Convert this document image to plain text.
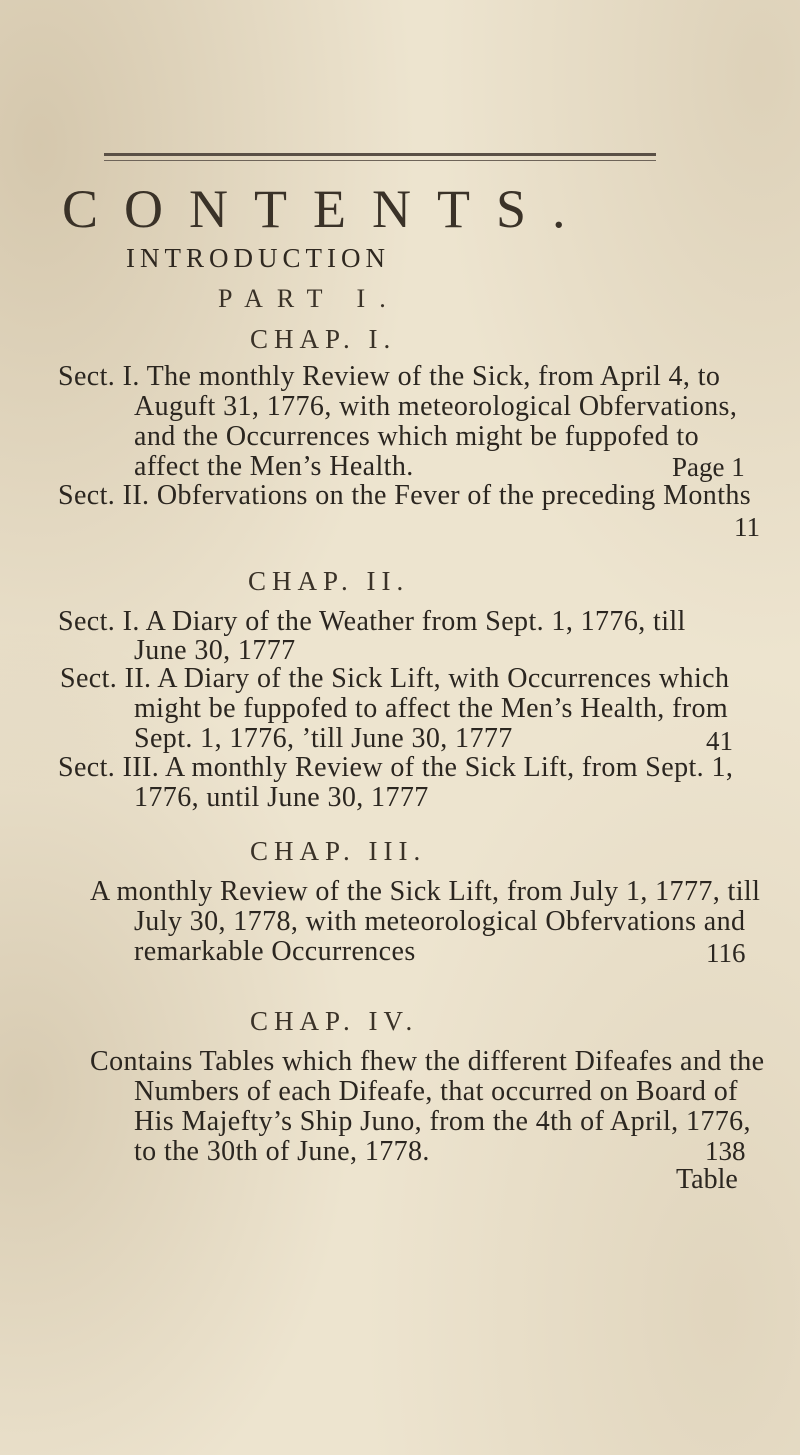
CONTENTS.
INTRODUCTION
PART I.
CHAP. I.
Sect. I. The monthly Review of the Sick, from April 4, to
Auguft 31, 1776, with meteorological Obfervations,
and the Occurrences which might be fuppofed to
affect the Men’s Health.	Page 1
Sect. II. Obfervations on the Fever of the preceding Months
11
CHAP. II.
Sect. I. A Diary of the Weather from Sept. 1, 1776, till
June 30, 1777
Sect. II. A Diary of the Sick Lift, with Occurrences which
might be fuppofed to affect the Men’s Health, from
Sept. 1, 1776, ’till June 30, 1777	41
Sect. III. A monthly Review of the Sick Lift, from Sept. 1,
1776, until June 30, 1777
CHAP. III.
A monthly Review of the Sick Lift, from July 1, 1777, till
July 30, 1778, with meteorological Obfervations and
remarkable Occurrences	116
CHAP. IV.
Contains Tables which fhew the different Difeafes and the
Numbers of each Difeafe, that occurred on Board of
His Majefty’s Ship Juno, from the 4th of April, 1776,
to the 30th of June, 1778.	138
Table
